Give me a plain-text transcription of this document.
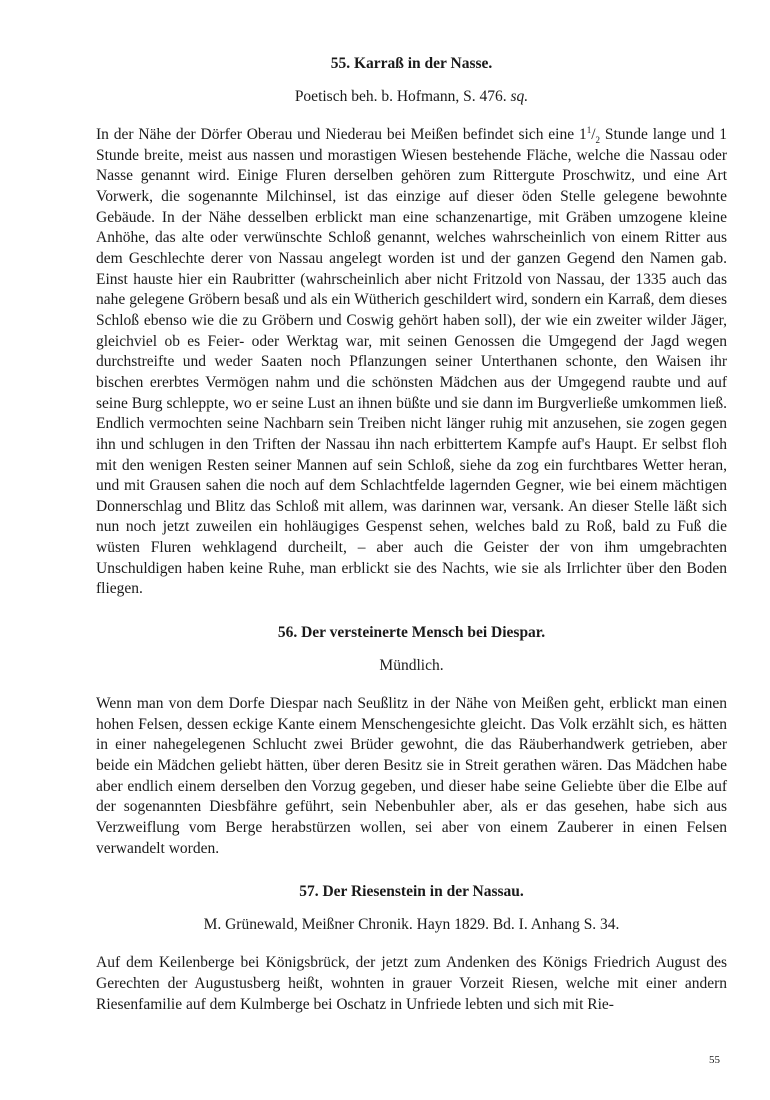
55. Karraß in der Nasse.
Poetisch beh. b. Hofmann, S. 476. sq.

In der Nähe der Dörfer Oberau und Niederau bei Meißen befindet sich eine $1^1/_2$ Stunde lange und 1 Stunde breite, meist aus nassen und morastigen Wiesen bestehende Fläche, welche die Nassau oder Nasse genannt wird. Einige Fluren derselben gehören zum Rittergute Proschwitz, und eine Art Vorwerk, die sogenannte Milchinsel, ist das einzige auf dieser öden Stelle gelegene bewohnte Gebäude. In der Nähe desselben erblickt man eine schanzenartige, mit Gräben umzogene kleine Anhöhe, das alte oder verwünschte Schloß genannt, welches wahrscheinlich von einem Ritter aus dem Geschlechte derer von Nassau angelegt worden ist und der ganzen Gegend den Namen gab. Einst hauste hier ein Raubritter (wahrscheinlich aber nicht Fritzold von Nassau, der 1335 auch das nahe gelegene Gröbern besaß und als ein Wütherich geschildert wird, sondern ein Karraß, dem dieses Schloß ebenso wie die zu Gröbern und Coswig gehört haben soll), der wie ein zweiter wilder Jäger, gleichviel ob es Feier- oder Werktag war, mit seinen Genossen die Umgegend der Jagd wegen durchstreifte und weder Saaten noch Pflanzungen seiner Unterthanen schonte, den Waisen ihr bischen ererbtes Vermögen nahm und die schönsten Mädchen aus der Umgegend raubte und auf seine Burg schleppte, wo er seine Lust an ihnen büßte und sie dann im Burgverließe umkommen ließ. Endlich vermochten seine Nachbarn sein Treiben nicht länger ruhig mit anzusehen, sie zogen gegen ihn und schlugen in den Triften der Nassau ihn nach erbittertem Kampfe auf's Haupt. Er selbst floh mit den wenigen Resten seiner Mannen auf sein Schloß, siehe da zog ein furchtbares Wetter heran, und mit Grausen sahen die noch auf dem Schlachtfelde lagernden Gegner, wie bei einem mächtigen Donnerschlag und Blitz das Schloß mit allem, was darinnen war, versank. An dieser Stelle läßt sich nun noch jetzt zuweilen ein hohläugiges Gespenst sehen, welches bald zu Roß, bald zu Fuß die wüsten Fluren wehklagend durcheilt, – aber auch die Geister der von ihm umgebrachten Unschuldigen haben keine Ruhe, man erblickt sie des Nachts, wie sie als Irrlichter über den Boden fliegen.

56. Der versteinerte Mensch bei Diespar.
Mündlich.

Wenn man von dem Dorfe Diespar nach Seußlitz in der Nähe von Meißen geht, erblickt man einen hohen Felsen, dessen eckige Kante einem Menschengesichte gleicht. Das Volk erzählt sich, es hätten in einer nahegelegenen Schlucht zwei Brüder gewohnt, die das Räuberhandwerk getrieben, aber beide ein Mädchen geliebt hätten, über deren Besitz sie in Streit gerathen wären. Das Mädchen habe aber endlich einem derselben den Vorzug gegeben, und dieser habe seine Geliebte über die Elbe auf der sogenannten Diesbfähre geführt, sein Nebenbuhler aber, als er das gesehen, habe sich aus Verzweiflung vom Berge herabstürzen wollen, sei aber von einem Zauberer in einen Felsen verwandelt worden.

57. Der Riesenstein in der Nassau.
M. Grünewald, Meißner Chronik. Hayn 1829. Bd. I. Anhang S. 34.

Auf dem Keilenberge bei Königsbrück, der jetzt zum Andenken des Königs Friedrich August des Gerechten der Augustusberg heißt, wohnten in grauer Vorzeit Riesen, welche mit einer andern Riesenfamilie auf dem Kulmberge bei Oschatz in Unfriede lebten und sich mit Rie-

55
